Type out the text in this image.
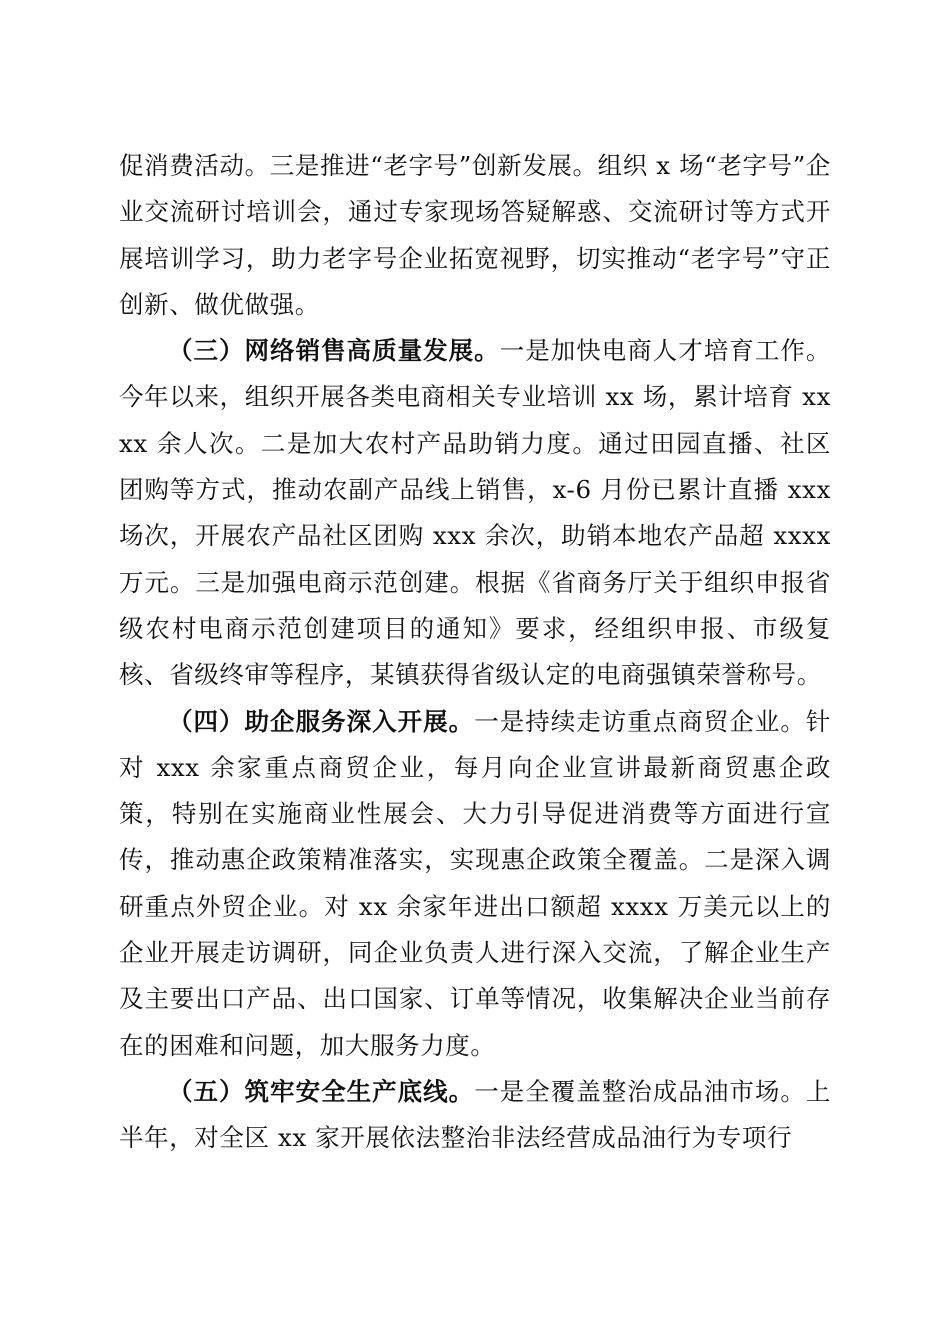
促消费活动。三是推进“老字号”创新发展。组织 x 场“老字号”企业交流研讨培训会，通过专家现场答疑解惑、交流研讨等方式开展培训学习，助力老字号企业拓宽视野，切实推动“老字号”守正创新、做优做强。

（三）网络销售高质量发展。一是加快电商人才培育工作。今年以来，组织开展各类电商相关专业培训 xx 场，累计培育 xxxx 余人次。二是加大农村产品助销力度。通过田园直播、社区团购等方式，推动农副产品线上销售，x-6 月份已累计直播 xxx 场次，开展农产品社区团购 xxx 余次，助销本地农产品超 xxxx 万元。三是加强电商示范创建。根据《省商务厅关于组织申报省级农村电商示范创建项目的通知》要求，经组织申报、市级复核、省级终审等程序，某镇获得省级认定的电商强镇荣誉称号。

（四）助企服务深入开展。一是持续走访重点商贸企业。针对 xxx 余家重点商贸企业，每月向企业宣讲最新商贸惠企政策，特别在实施商业性展会、大力引导促进消费等方面进行宣传，推动惠企政策精准落实，实现惠企政策全覆盖。二是深入调研重点外贸企业。对 xx 余家年进出口额超 xxxx 万美元以上的企业开展走访调研，同企业负责人进行深入交流，了解企业生产及主要出口产品、出口国家、订单等情况，收集解决企业当前存在的困难和问题，加大服务力度。

（五）筑牢安全生产底线。一是全覆盖整治成品油市场。上半年，对全区 xx 家开展依法整治非法经营成品油行为专项行
